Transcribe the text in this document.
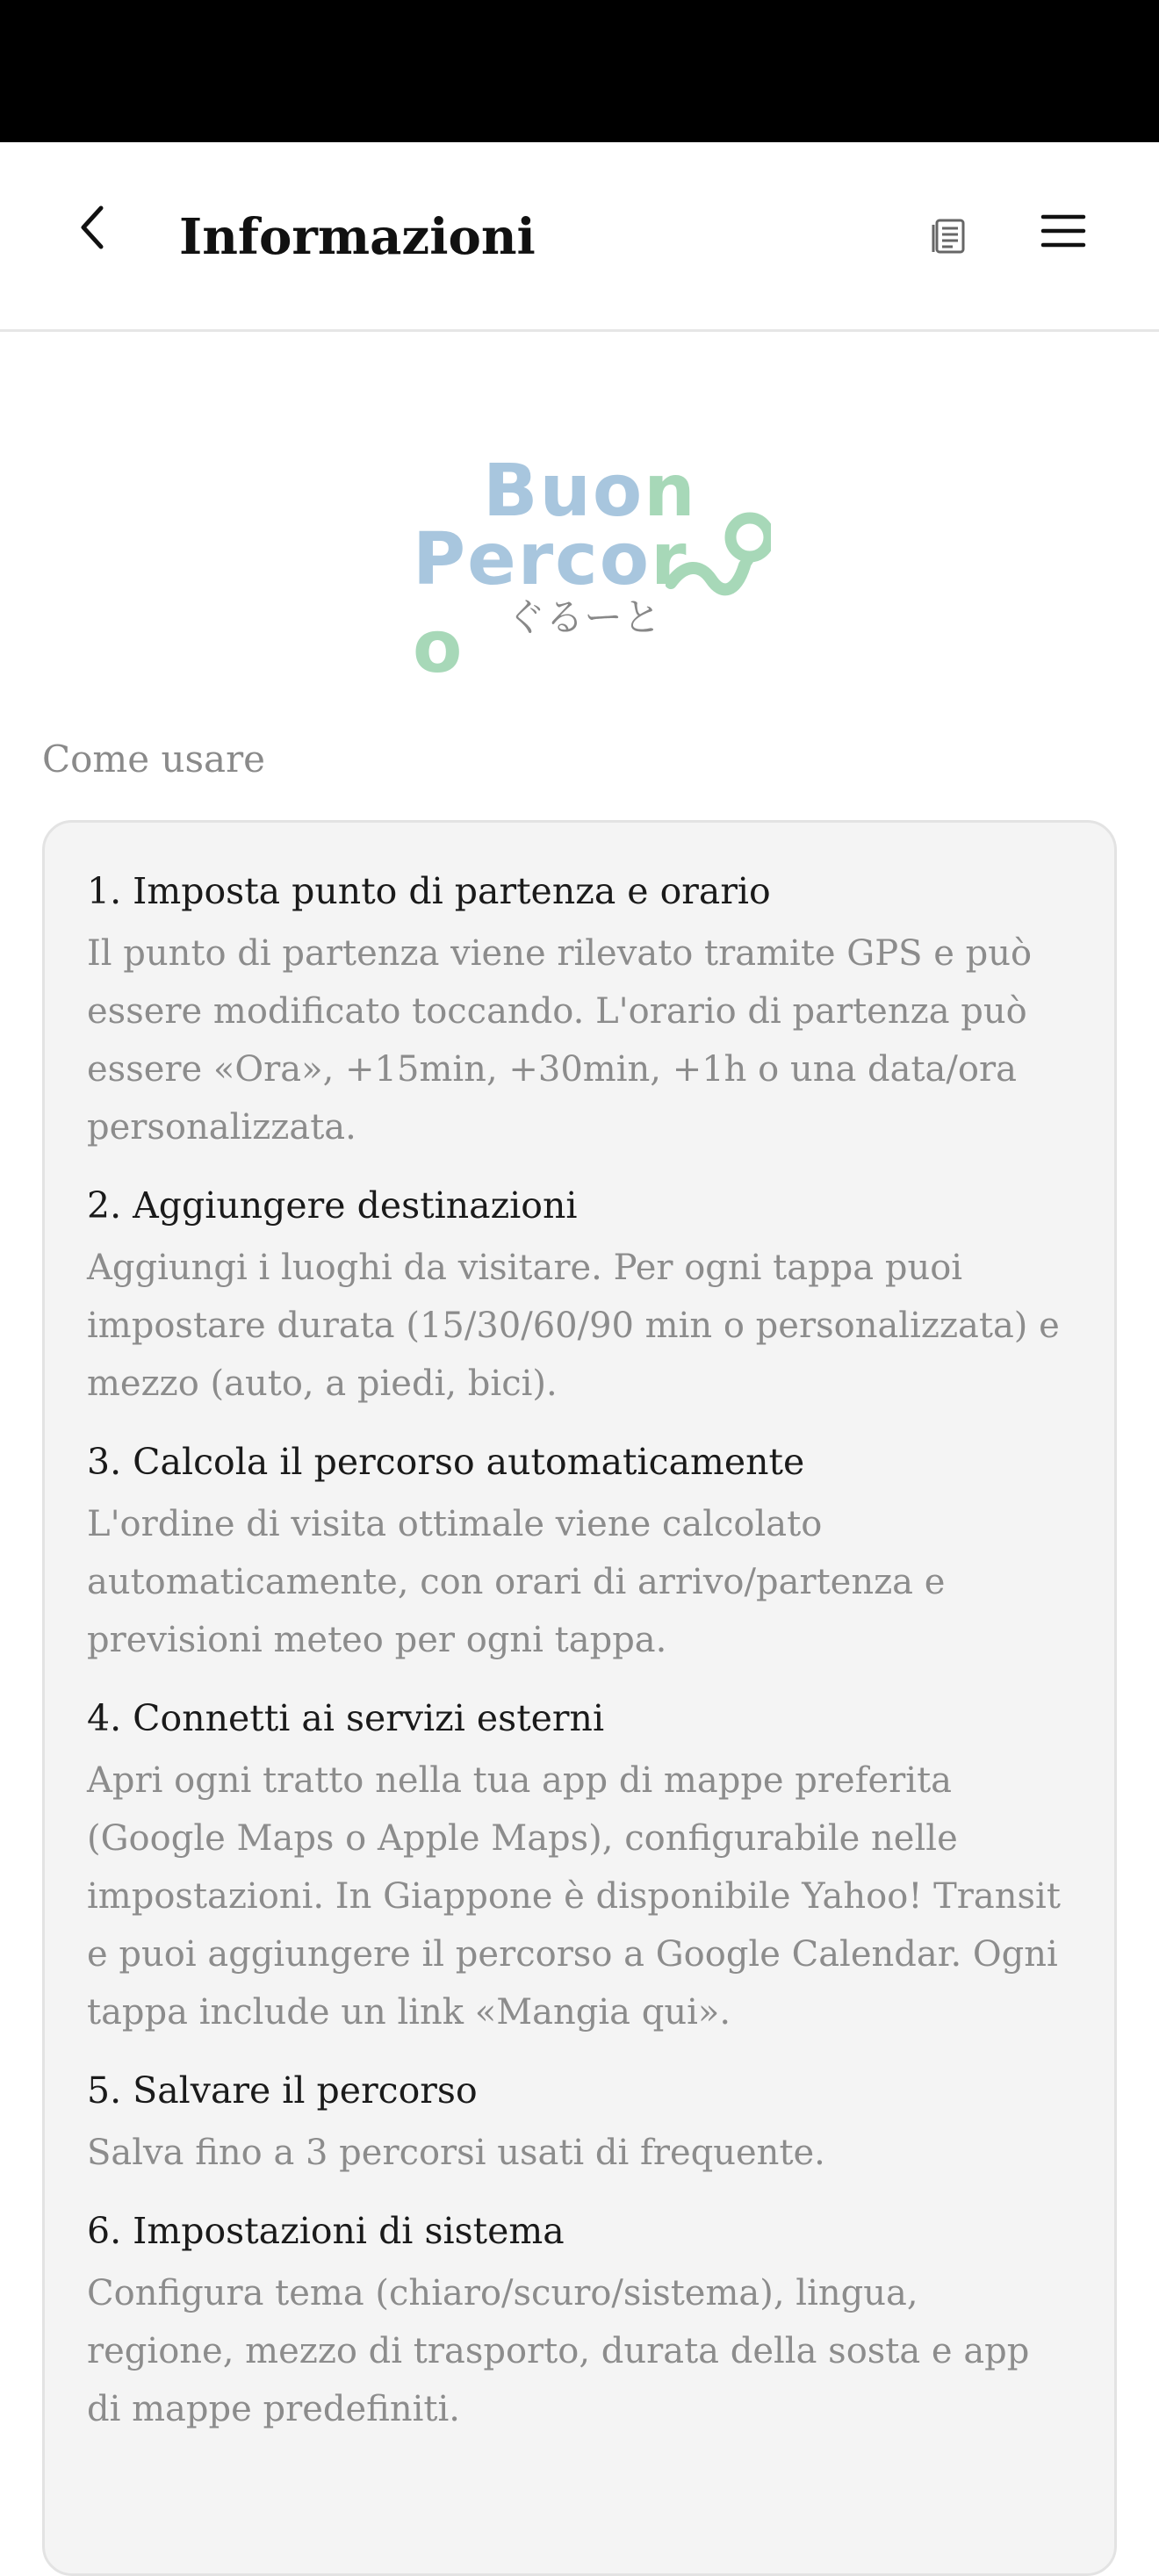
Informazioni
Buon
Percoro	ぐるーと
Come usare
1. Imposta punto di partenza e orario

Il punto di partenza viene rilevato tramite GPS e può essere modificato toccando. L'orario di partenza può essere «Ora», +15min, +30min, +1h o una data/ora personalizzata.

2. Aggiungere destinazioni

Aggiungi i luoghi da visitare. Per ogni tappa puoi impostare durata (15/30/60/90 min o personalizzata) e mezzo (auto, a piedi, bici).

3. Calcola il percorso automaticamente

L'ordine di visita ottimale viene calcolato automaticamente, con orari di arrivo/partenza e previsioni meteo per ogni tappa.

4. Connetti ai servizi esterni

Apri ogni tratto nella tua app di mappe preferita (Google Maps o Apple Maps), configurabile nelle impostazioni. In Giappone è disponibile Yahoo! Transit e puoi aggiungere il percorso a Google Calendar. Ogni tappa include un link «Mangia qui».

5. Salvare il percorso

Salva fino a 3 percorsi usati di frequente.

6. Impostazioni di sistema

Configura tema (chiaro/scuro/sistema), lingua, regione, mezzo di trasporto, durata della sosta e app di mappe predefiniti.
